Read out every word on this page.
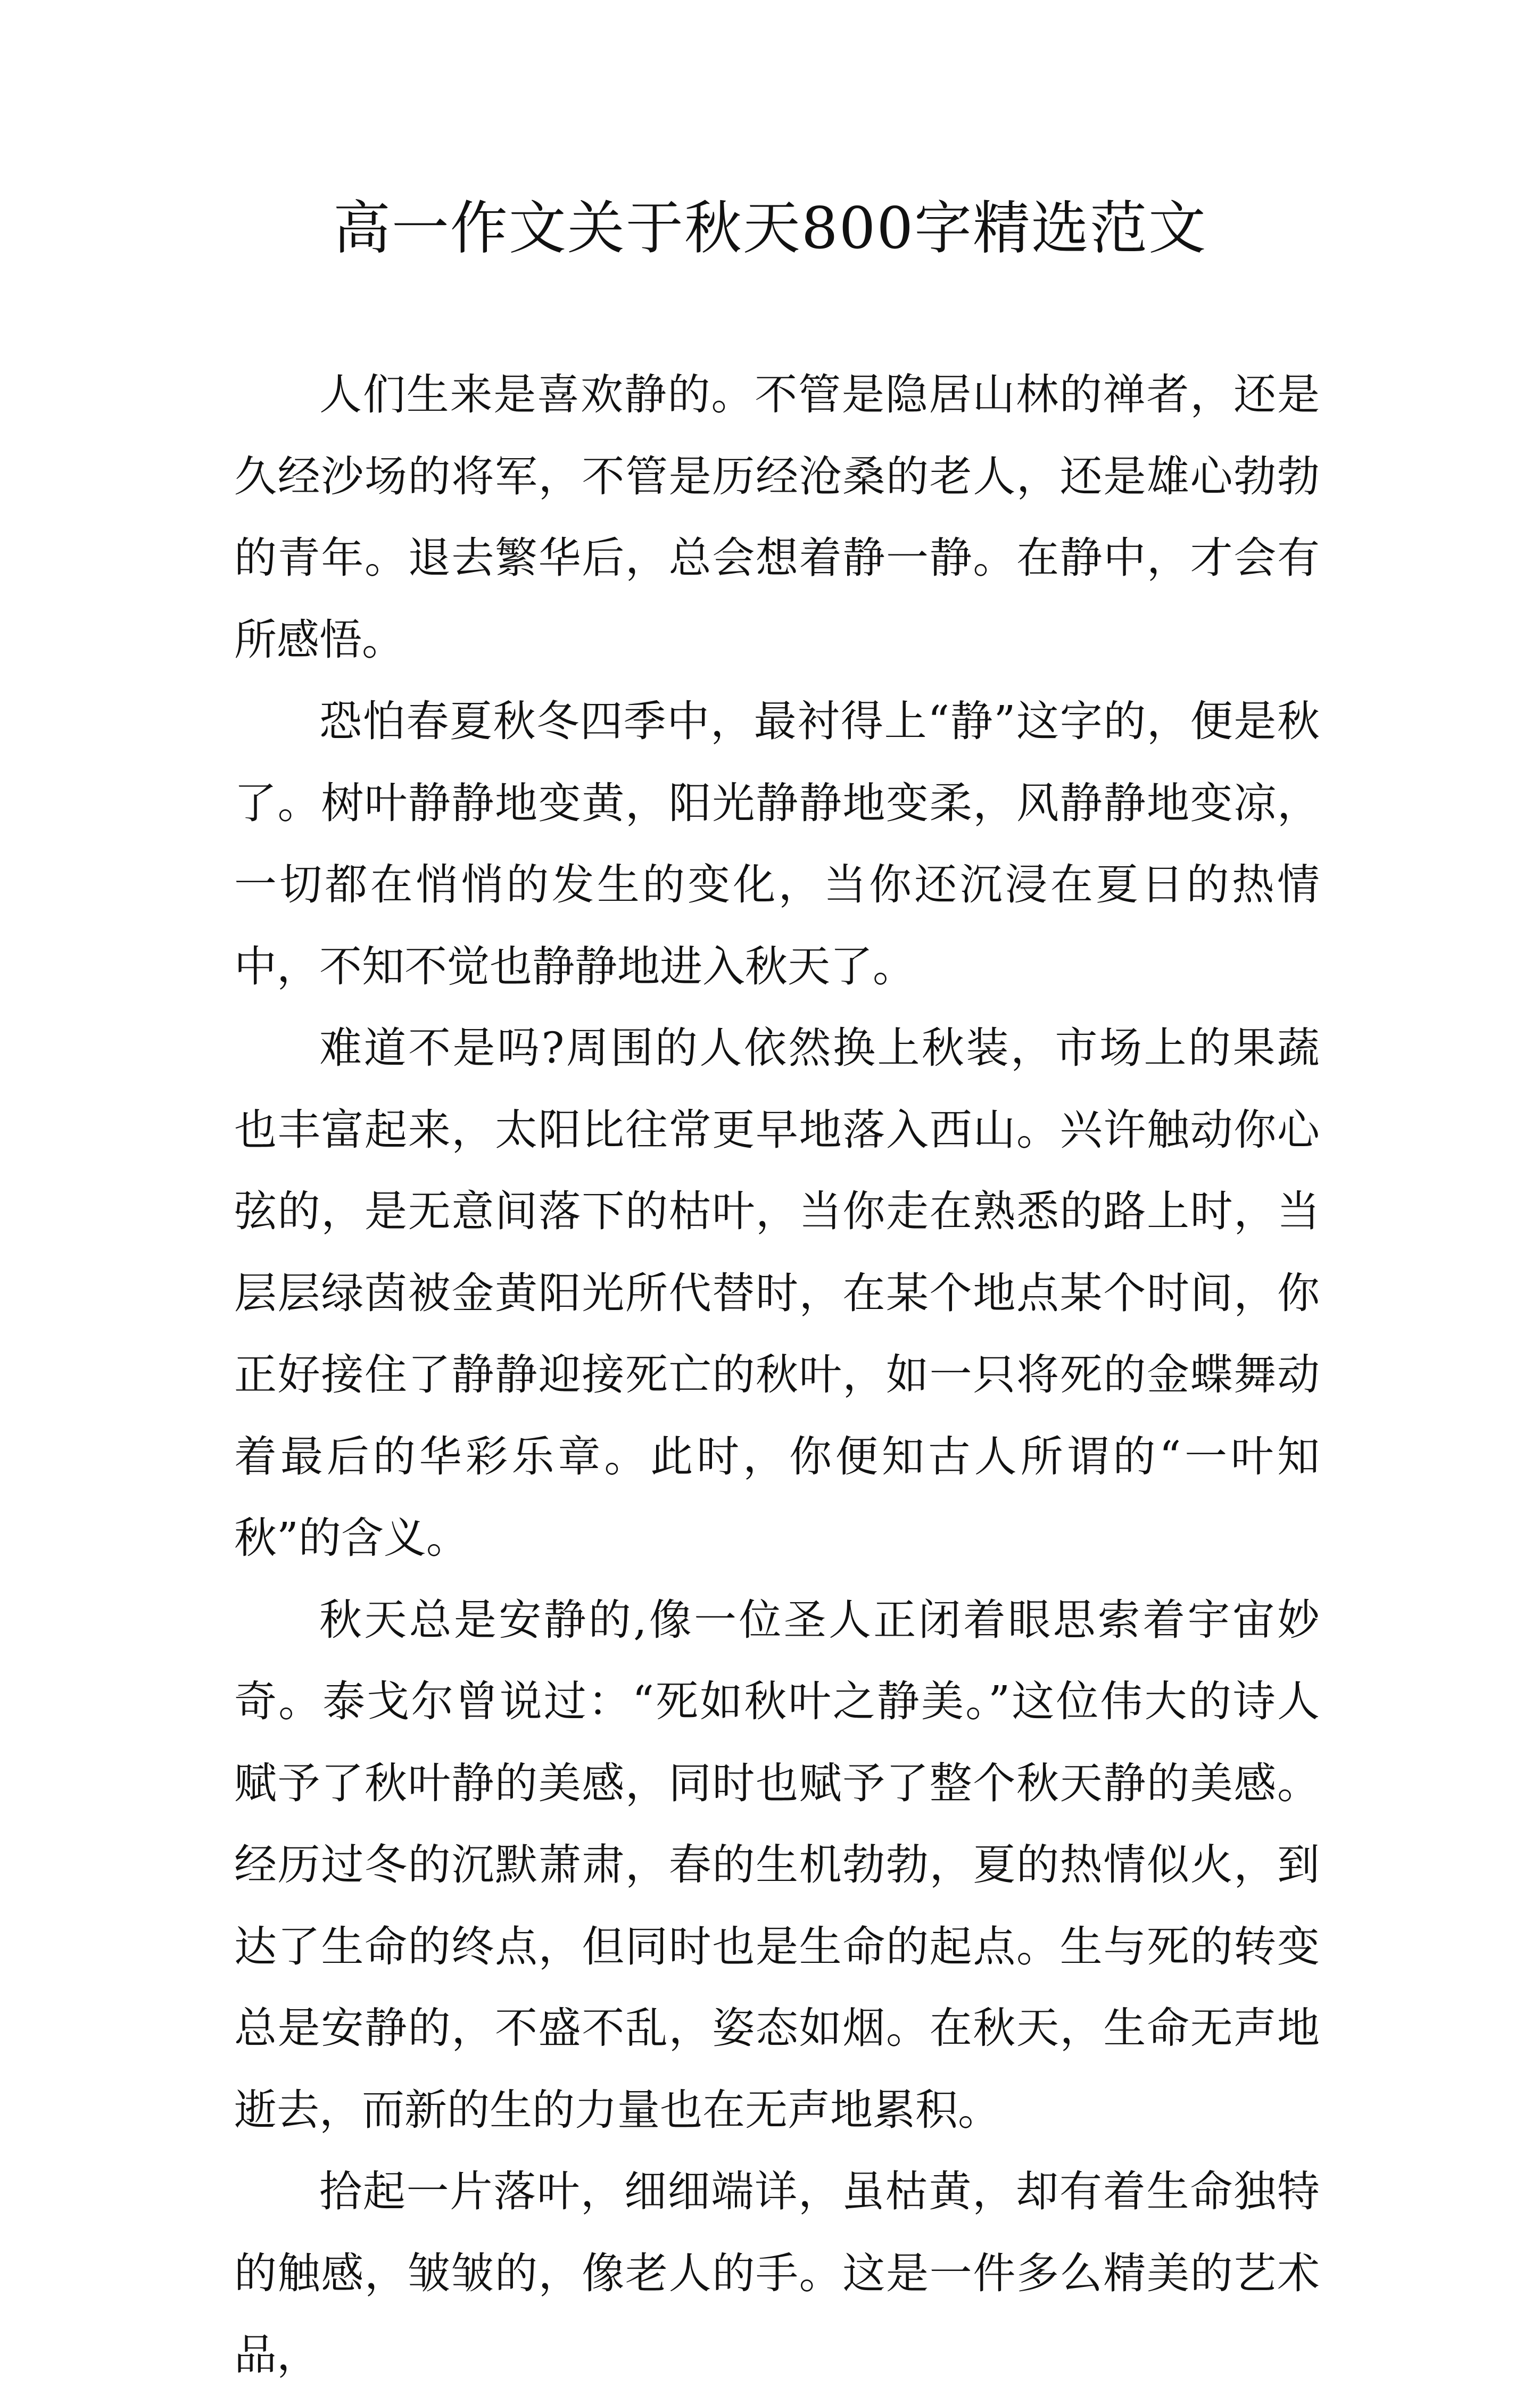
高一作文关于秋天800字精选范文

人们生来是喜欢静的。不管是隐居山林的禅者，还是久经沙场的将军，不管是历经沧桑的老人，还是雄心勃勃的青年。退去繁华后，总会想着静一静。在静中，才会有所感悟。

恐怕春夏秋冬四季中，最衬得上“静”这字的，便是秋了。树叶静静地变黄，阳光静静地变柔，风静静地变凉，一切都在悄悄的发生的变化，当你还沉浸在夏日的热情中，不知不觉也静静地进入秋天了。

难道不是吗?周围的人依然换上秋装，市场上的果蔬也丰富起来，太阳比往常更早地落入西山。兴许触动你心弦的，是无意间落下的枯叶，当你走在熟悉的路上时，当层层绿茵被金黄阳光所代替时，在某个地点某个时间，你正好接住了静静迎接死亡的秋叶，如一只将死的金蝶舞动着最后的华彩乐章。此时，你便知古人所谓的“一叶知秋”的含义。

秋天总是安静的,像一位圣人正闭着眼思索着宇宙妙奇。泰戈尔曾说过：“死如秋叶之静美。”这位伟大的诗人赋予了秋叶静的美感，同时也赋予了整个秋天静的美感。经历过冬的沉默萧肃，春的生机勃勃，夏的热情似火，到达了生命的终点，但同时也是生命的起点。生与死的转变总是安静的，不盛不乱，姿态如烟。在秋天，生命无声地逝去，而新的生的力量也在无声地累积。

拾起一片落叶，细细端详，虽枯黄，却有着生命独特的触感，皱皱的，像老人的手。这是一件多么精美的艺术品，
